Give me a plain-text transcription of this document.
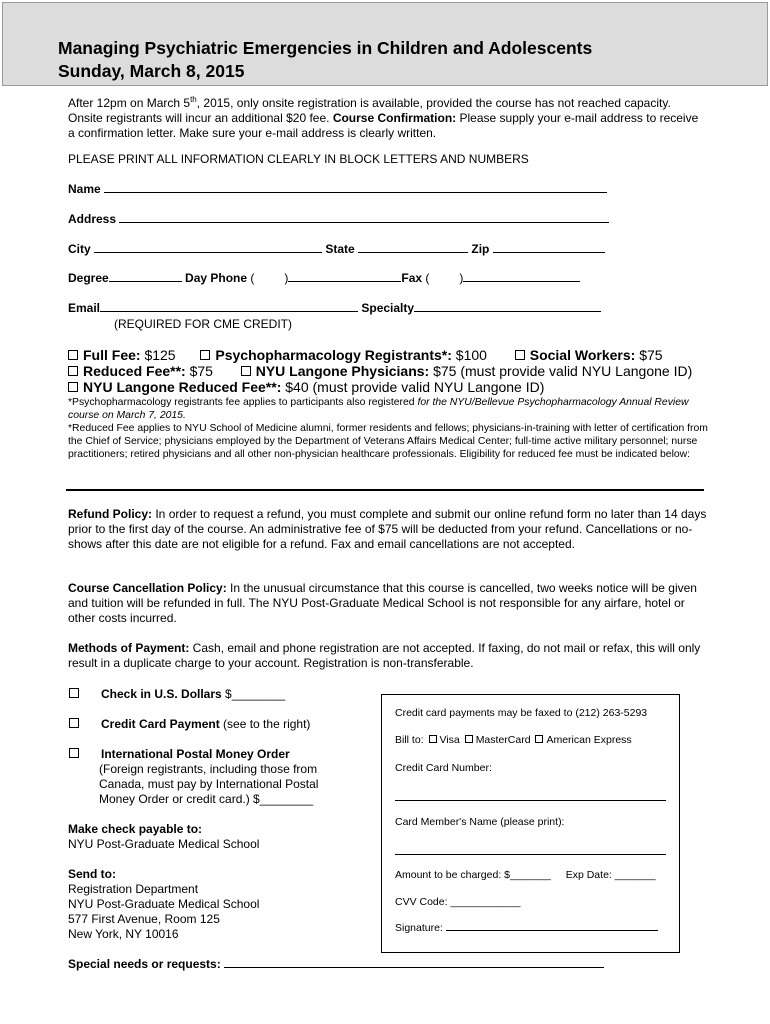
Managing Psychiatric Emergencies in Children and Adolescents
Sunday, March 8, 2015
After 12pm on March 5th, 2015, only onsite registration is available, provided the course has not reached capacity. Onsite registrants will incur an additional $20 fee. Course Confirmation: Please supply your e-mail address to receive a confirmation letter. Make sure your e-mail address is clearly written.
PLEASE PRINT ALL INFORMATION CLEARLY IN BLOCK LETTERS AND NUMBERS
Name
Address
City	State	Zip
Degree	Day Phone (	)	Fax (	)
Email	Specialty
(REQUIRED FOR CME CREDIT)
Full Fee: $125	Psychopharmacology Registrants*: $100	Social Workers: $75
Reduced Fee**: $75	NYU Langone Physicians: $75 (must provide valid NYU Langone ID)
NYU Langone Reduced Fee**: $40 (must provide valid NYU Langone ID)
*Psychopharmacology registrants fee applies to participants also registered for the NYU/Bellevue Psychopharmacology Annual Review course on March 7, 2015.
*Reduced Fee applies to NYU School of Medicine alumni, former residents and fellows; physicians-in-training with letter of certification from the Chief of Service; physicians employed by the Department of Veterans Affairs Medical Center; full-time active military personnel; nurse practitioners; retired physicians and all other non-physician healthcare professionals. Eligibility for reduced fee must be indicated below:
Refund Policy: In order to request a refund, you must complete and submit our online refund form no later than 14 days prior to the first day of the course. An administrative fee of $75 will be deducted from your refund. Cancellations or no-shows after this date are not eligible for a refund. Fax and email cancellations are not accepted.
Course Cancellation Policy: In the unusual circumstance that this course is cancelled, two weeks notice will be given and tuition will be refunded in full. The NYU Post-Graduate Medical School is not responsible for any airfare, hotel or other costs incurred.
Methods of Payment: Cash, email and phone registration are not accepted. If faxing, do not mail or refax, this will only result in a duplicate charge to your account. Registration is non-transferable.
Check in U.S. Dollars $________
Credit Card Payment (see to the right)
International Postal Money Order
(Foreign registrants, including those from
Canada, must pay by International Postal
Money Order or credit card.) $________
Make check payable to:
NYU Post-Graduate Medical School
Send to:
Registration Department
NYU Post-Graduate Medical School
577 First Avenue, Room 125
New York, NY 10016
Special needs or requests:
Credit card payments may be faxed to (212) 263-5293
Bill to: Visa MasterCard American Express
Credit Card Number:
Card Member's Name (please print):
Amount to be charged: $_______ Exp Date: _______
CVV Code: ____________
Signature:
